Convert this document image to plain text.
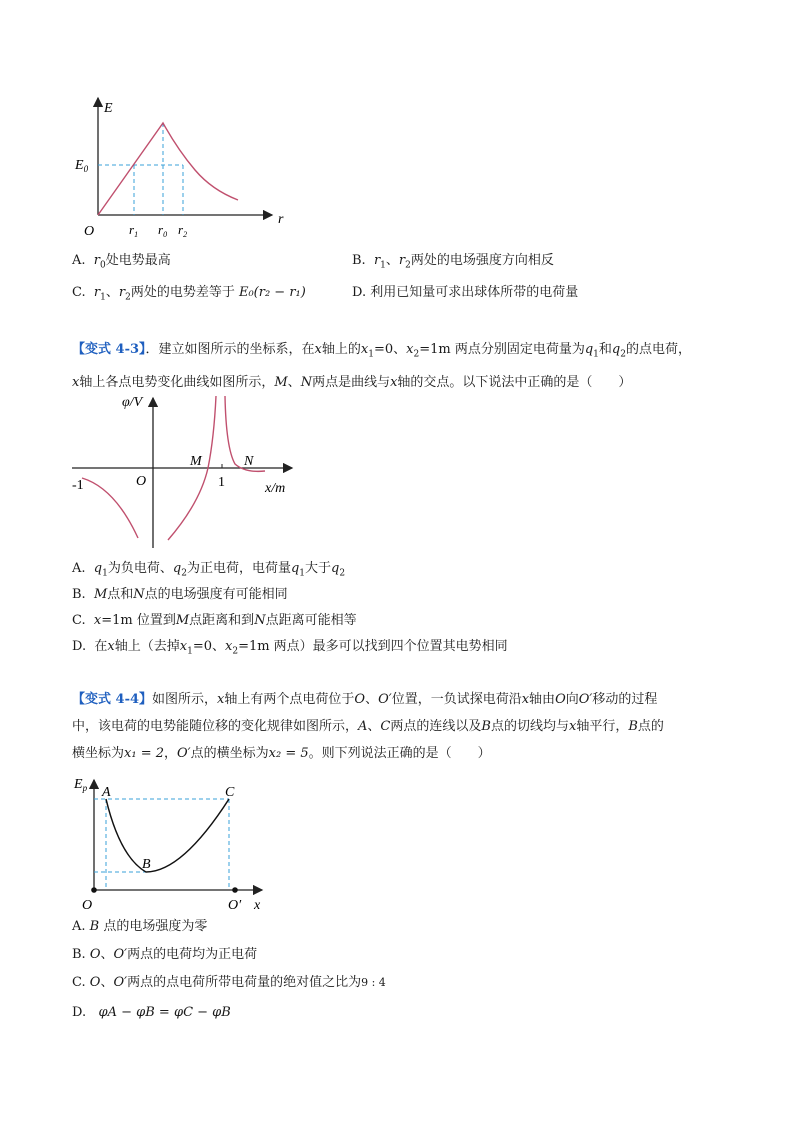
E
$E_0$
O	$r_1$ $r_0$ $r_2$
r
A. $r_0$处电势最高	B. $r_1$、$r_2$两处的电场强度方向相反
C. $r_1$、$r_2$两处的电势差等于 E₀(r₂ − r₁)	D. 利用已知量可求出球体所带的电荷量
【变式 4-3】．建立如图所示的坐标系，在x轴上的$x_1=0$、$x_2=1m$ 两点分别固定电荷量为$q_1$和$q_2$的点电荷，
x轴上各点电势变化曲线如图所示，M、N两点是曲线与x轴的交点。以下说法中正确的是（　　）
φ/V
O
M	N
-1	1	x/m
A. $q_1$为负电荷、$q_2$为正电荷，电荷量$q_1$大于$q_2$
B. M点和N点的电场强度有可能相同
C. x=1m 位置到M点距离和到N点距离可能相等
D. 在x轴上（去掉$x_1=0$、$x_2=1m$ 两点）最多可以找到四个位置其电势相同
【变式 4-4】如图所示，x轴上有两个点电荷位于O、O′位置，一负试探电荷沿x轴由O向O′移动的过程
中，该电荷的电势能随位移的变化规律如图所示，A、C两点的连线以及B点的切线均与x轴平行，B点的
横坐标为x₁ = 2，O′点的横坐标为x₂ = 5。则下列说法正确的是（　　）
$E_p$ A
B
C
O	O′ x
A. B 点的电场强度为零
B. O、O′两点的电荷均为正电荷
C. O、O′两点的点电荷所带电荷量的绝对值之比为9 : 4
D. φA − φB = φC − φB
